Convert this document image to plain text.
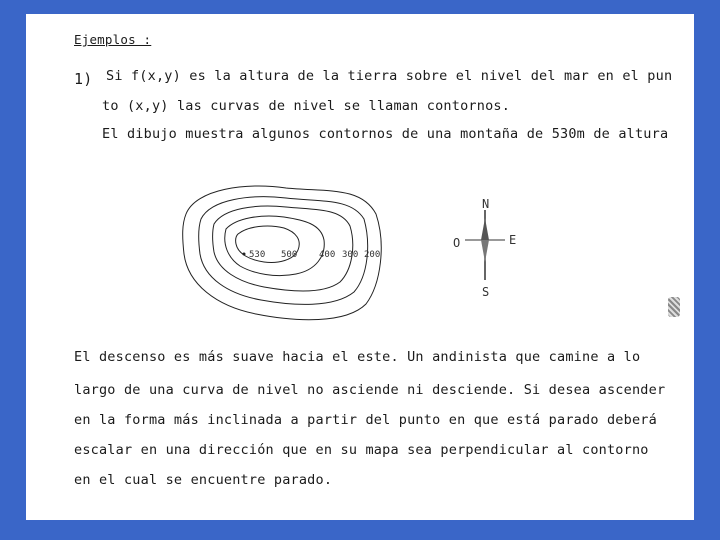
Ejemplos :
1) Si f(x,y) es la altura de la tierra sobre el nivel del mar en el pun
to (x,y) las curvas de nivel se llaman contornos.
El dibujo muestra algunos contornos de una montaña de 530m de altura
530 500 400 300 200
N
S
E
O
El descenso es más suave hacia el este. Un andinista que camine a lo
largo de una curva de nivel no asciende ni desciende. Si desea ascender
en la forma más inclinada a partir del punto en que está parado deberá
escalar en una dirección que en su mapa sea perpendicular al contorno
en el cual se encuentre parado.
